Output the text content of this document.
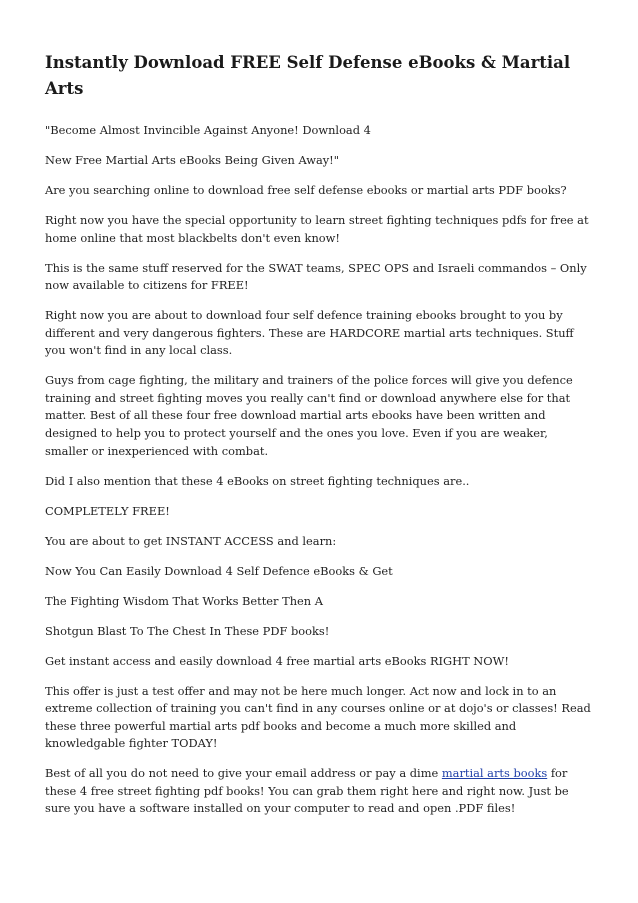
Instantly Download FREE Self Defense eBooks & Martial Arts

"Become Almost Invincible Against Anyone! Download 4

New Free Martial Arts eBooks Being Given Away!"

Are you searching online to download free self defense ebooks or martial arts PDF books?

Right now you have the special opportunity to learn street fighting techniques pdfs for free at home online that most blackbelts don't even know!

This is the same stuff reserved for the SWAT teams, SPEC OPS and Israeli commandos – Only now available to citizens for FREE!

Right now you are about to download four self defence training ebooks brought to you by different and very dangerous fighters. These are HARDCORE martial arts techniques. Stuff you won't find in any local class.

Guys from cage fighting, the military and trainers of the police forces will give you defence training and street fighting moves you really can't find or download anywhere else for that matter. Best of all these four free download martial arts ebooks have been written and designed to help you to protect yourself and the ones you love. Even if you are weaker, smaller or inexperienced with combat.

Did I also mention that these 4 eBooks on street fighting techniques are..

COMPLETELY FREE!

You are about to get INSTANT ACCESS and learn:

Now You Can Easily Download 4 Self Defence eBooks & Get

The Fighting Wisdom That Works Better Then A

Shotgun Blast To The Chest In These PDF books!

Get instant access and easily download 4 free martial arts eBooks RIGHT NOW!

This offer is just a test offer and may not be here much longer. Act now and lock in to an extreme collection of training you can't find in any courses online or at dojo's or classes! Read these three powerful martial arts pdf books and become a much more skilled and knowledgable fighter TODAY!

Best of all you do not need to give your email address or pay a dime martial arts books for these 4 free street fighting pdf books! You can grab them right here and right now. Just be sure you have a software installed on your computer to read and open .PDF files!
